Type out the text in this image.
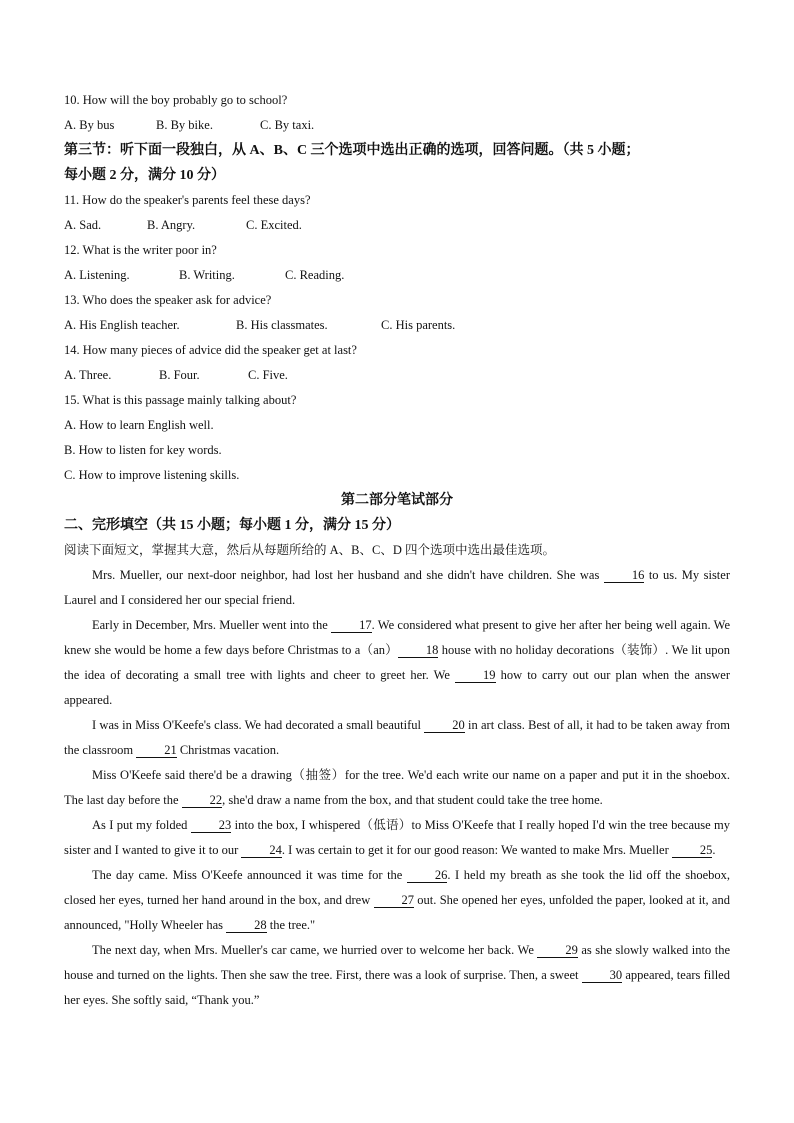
10. How will the boy probably go to school?
A. By bus	B. By bike.	C. By taxi.
第三节：听下面一段独白，从 A、B、C 三个选项中选出正确的选项，回答问题。（共 5 小题；
每小题 2 分，满分 10 分）
11. How do the speaker's parents feel these days?
A. Sad.	B. Angry.	C. Excited.
12. What is the writer poor in?
A. Listening.	B. Writing.	C. Reading.
13. Who does the speaker ask for advice?
A. His English teacher.	B. His classmates.	C. His parents.
14. How many pieces of advice did the speaker get at last?
A. Three.	B. Four.	C. Five.
15. What is this passage mainly talking about?
A. How to learn English well.
B. How to listen for key words.
C. How to improve listening skills.
第二部分笔试部分
二、完形填空（共 15 小题；每小题 1 分，满分 15 分）
阅读下面短文，掌握其大意，然后从每题所给的 A、B、C、D 四个选项中选出最佳选项。
Mrs. Mueller, our next-door neighbor, had lost her husband and she didn't have children. She was 16 to us. My sister Laurel and I considered her our special friend.
Early in December, Mrs. Mueller went into the 17. We considered what present to give her after her being well again. We knew she would be home a few days before Christmas to a（an） 18 house with no holiday decorations（装饰）. We lit upon the idea of decorating a small tree with lights and cheer to greet her. We 19 how to carry out our plan when the answer appeared.
I was in Miss O'Keefe's class. We had decorated a small beautiful 20 in art class. Best of all, it had to be taken away from the classroom 21 Christmas vacation.
Miss O'Keefe said there'd be a drawing（抽签）for the tree. We'd each write our name on a paper and put it in the shoebox. The last day before the 22, she'd draw a name from the box, and that student could take the tree home.
As I put my folded 23 into the box, I whispered（低语）to Miss O'Keefe that I really hoped I'd win the tree because my sister and I wanted to give it to our 24. I was certain to get it for our good reason: We wanted to make Mrs. Mueller 25.
The day came. Miss O'Keefe announced it was time for the 26. I held my breath as she took the lid off the shoebox, closed her eyes, turned her hand around in the box, and drew 27 out. She opened her eyes, unfolded the paper, looked at it, and announced, "Holly Wheeler has 28 the tree."
The next day, when Mrs. Mueller's car came, we hurried over to welcome her back. We 29 as she slowly walked into the house and turned on the lights. Then she saw the tree. First, there was a look of surprise. Then, a sweet 30 appeared, tears filled her eyes. She softly said, “Thank you.”
